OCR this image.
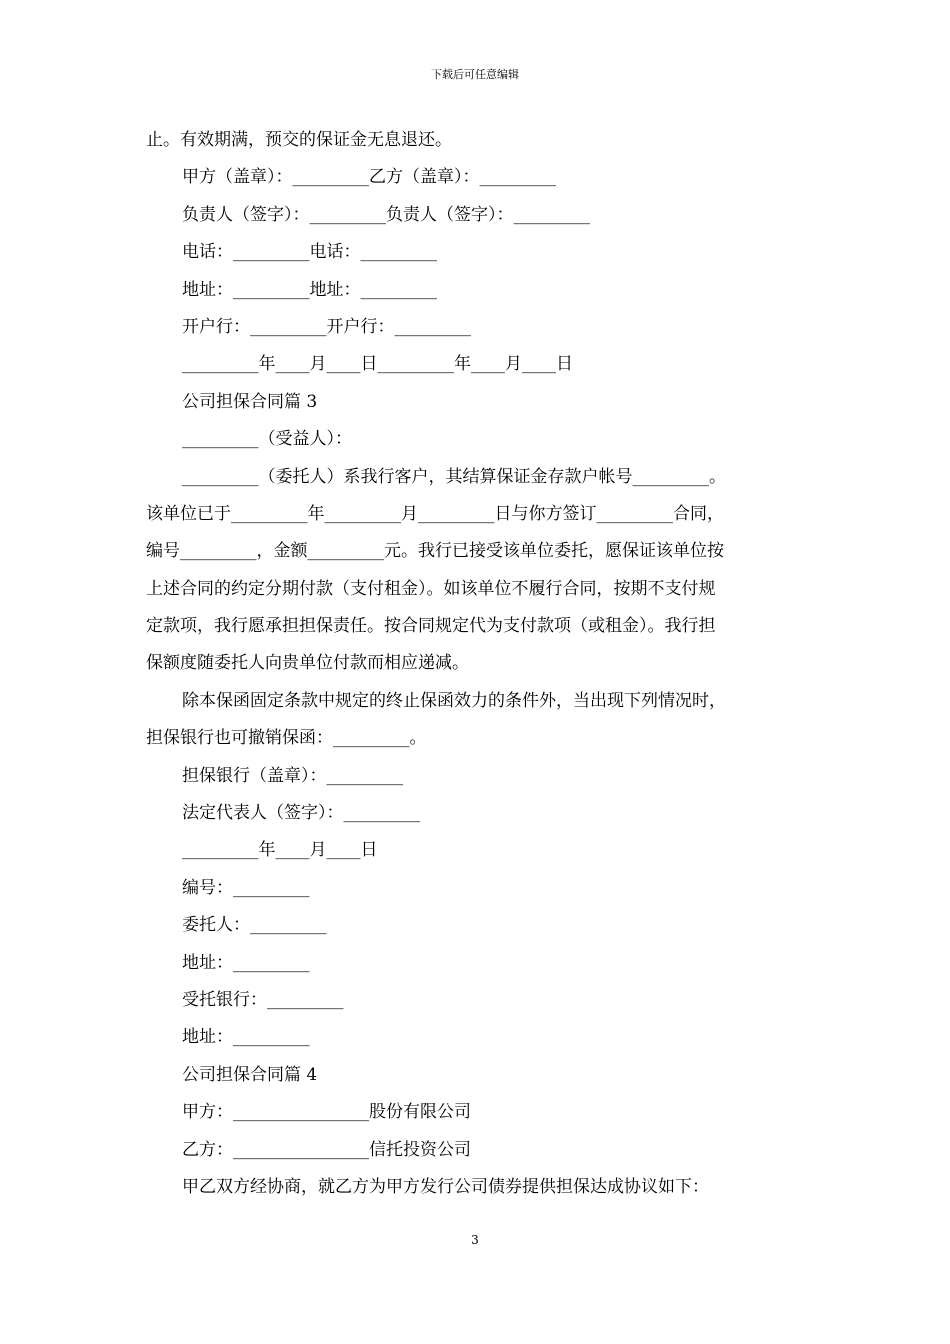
下载后可任意编辑
止。有效期满，预交的保证金无息退还。
甲方（盖章）：_________乙方（盖章）：_________
负责人（签字）：_________负责人（签字）：_________
电话：_________电话：_________
地址：_________地址：_________
开户行：_________开户行：_________
_________年____月____日_________年____月____日
公司担保合同篇 3
_________（受益人）：
_________（委托人）系我行客户，其结算保证金存款户帐号_________。
该单位已于_________年_________月_________日与你方签订_________合同，
编号_________，金额_________元。我行已接受该单位委托，愿保证该单位按
上述合同的约定分期付款（支付租金）。如该单位不履行合同，按期不支付规
定款项，我行愿承担担保责任。按合同规定代为支付款项（或租金）。我行担
保额度随委托人向贵单位付款而相应递减。
除本保函固定条款中规定的终止保函效力的条件外，当出现下列情况时，
担保银行也可撤销保函：_________。
担保银行（盖章）：_________
法定代表人（签字）：_________
_________年____月____日
编号：_________
委托人：_________
地址：_________
受托银行：_________
地址：_________
公司担保合同篇 4
甲方：________________股份有限公司
乙方：________________信托投资公司
甲乙双方经协商，就乙方为甲方发行公司债券提供担保达成协议如下：
3
